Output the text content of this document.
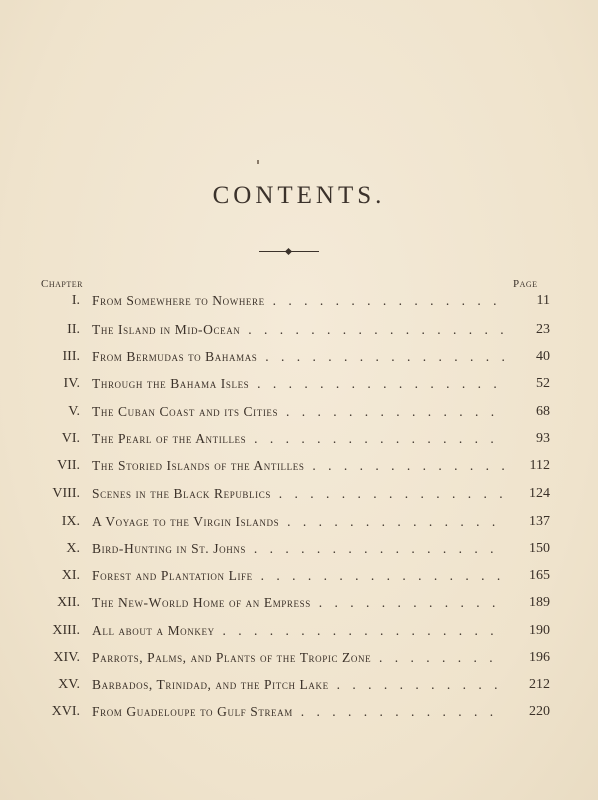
CONTENTS.
Chapter	Page
I. From Somewhere to Nowhere . . .	11
II. The Island in Mid-Ocean . . .	23
III. From Bermudas to Bahamas . . .	40
IV. Through the Bahama Isles . . .	52
V. The Cuban Coast and its Cities . . .	68
VI. The Pearl of the Antilles . . .	93
VII. The Storied Islands of the Antilles . . .	112
VIII. Scenes in the Black Republics . . .	124
IX. A Voyage to the Virgin Islands . . .	137
X. Bird-Hunting in St. Johns . . .	150
XI. Forest and Plantation Life . . .	165
XII. The New-World Home of an Empress . . .	189
XIII. All about a Monkey . . .	190
XIV. Parrots, Palms, and Plants of the Tropic Zone . . .	196
XV. Barbados, Trinidad, and the Pitch Lake . . .	212
XVI. From Guadeloupe to Gulf Stream . . .	220
